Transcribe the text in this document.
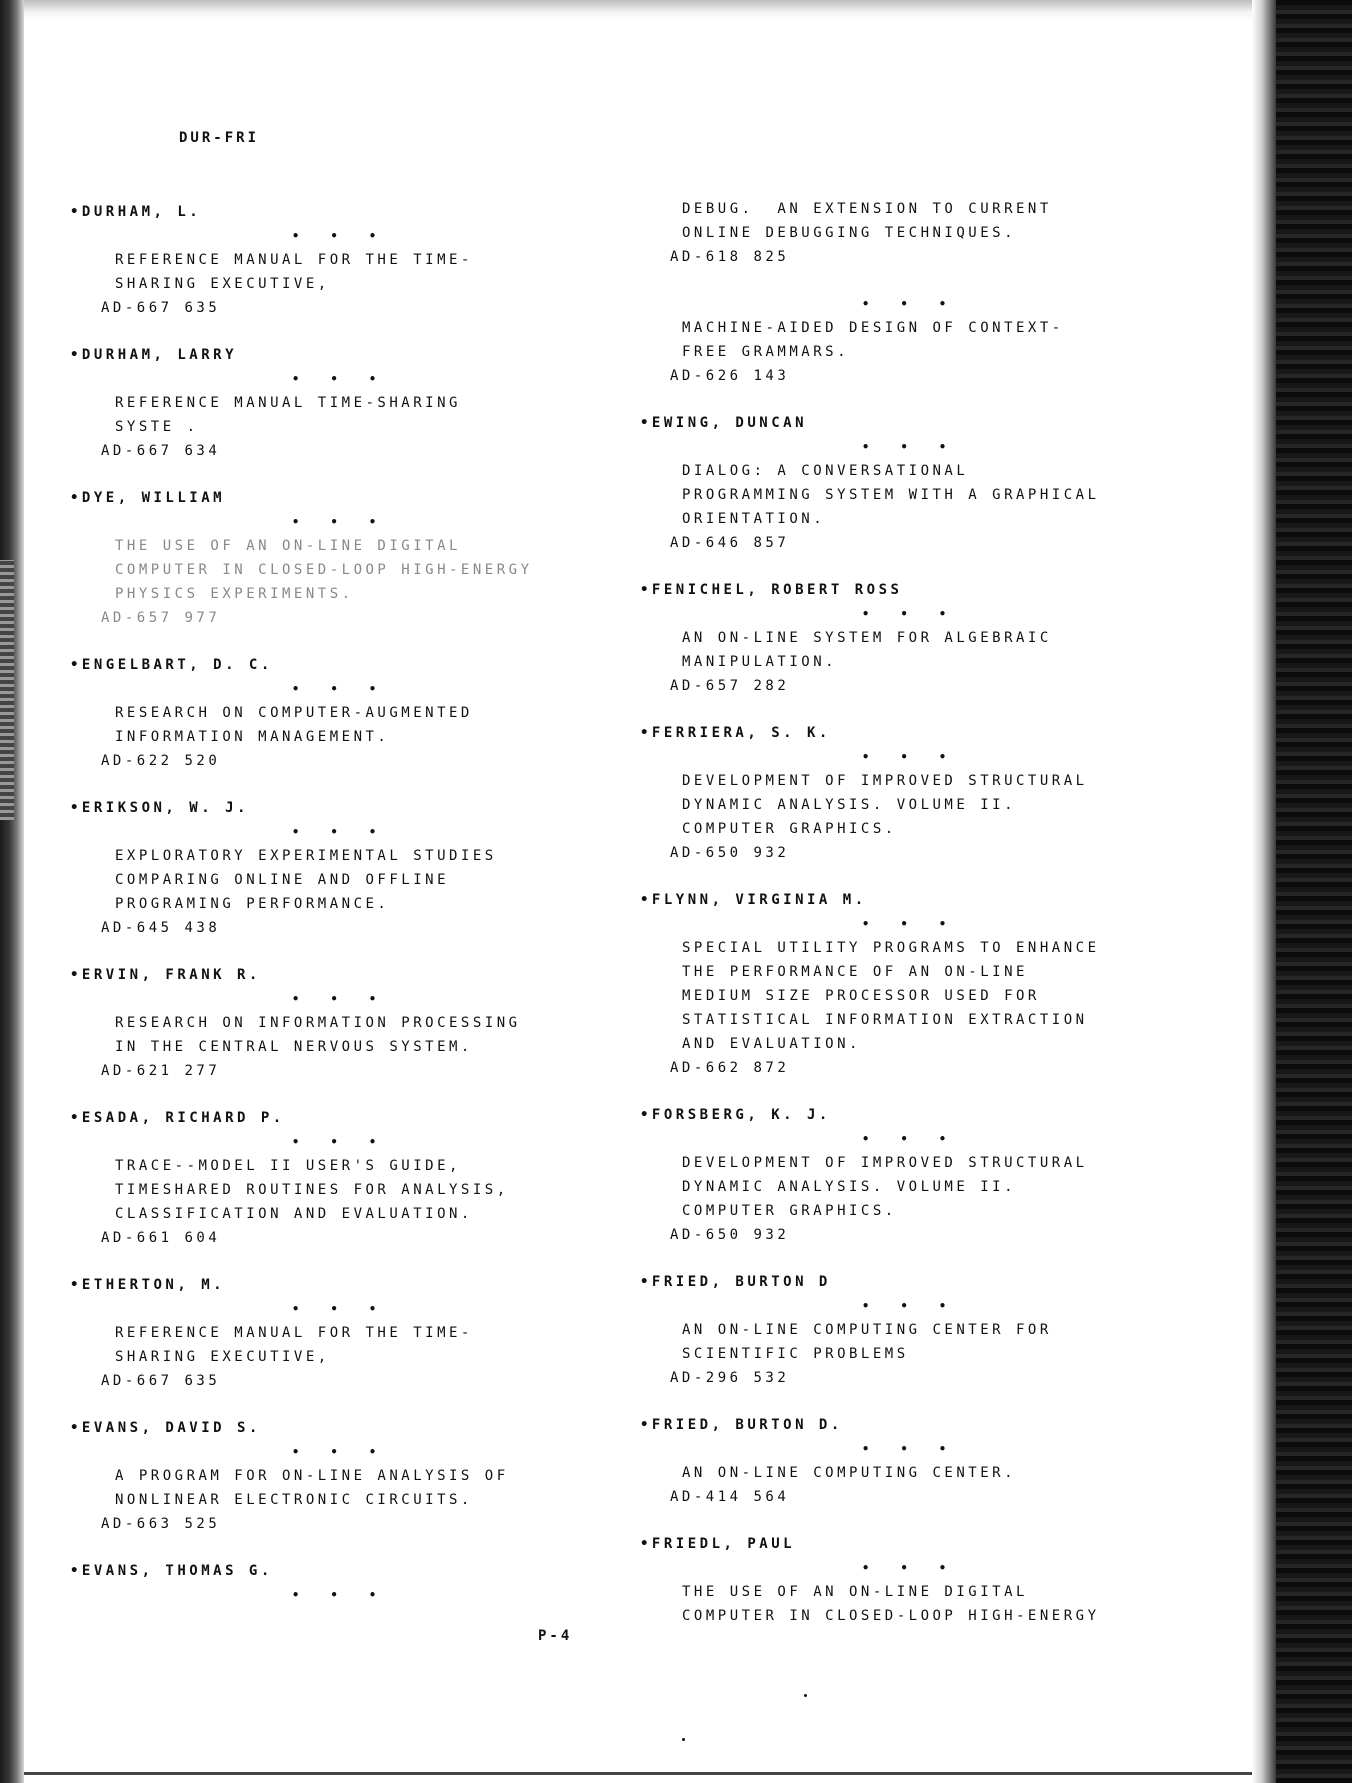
DUR-FRI
•DURHAM, L.
• • •
REFERENCE MANUAL FOR THE TIME-
SHARING EXECUTIVE,
AD-667 635
•DURHAM, LARRY
• • •
REFERENCE MANUAL TIME-SHARING
SYSTE .
AD-667 634
•DYE, WILLIAM
• • •
THE USE OF AN ON-LINE DIGITAL
COMPUTER IN CLOSED-LOOP HIGH-ENERGY
PHYSICS EXPERIMENTS.
AD-657 977
•ENGELBART, D. C.
• • •
RESEARCH ON COMPUTER-AUGMENTED
INFORMATION MANAGEMENT.
AD-622 520
•ERIKSON, W. J.
• • •
EXPLORATORY EXPERIMENTAL STUDIES
COMPARING ONLINE AND OFFLINE
PROGRAMING PERFORMANCE.
AD-645 438
•ERVIN, FRANK R.
• • •
RESEARCH ON INFORMATION PROCESSING
IN THE CENTRAL NERVOUS SYSTEM.
AD-621 277
•ESADA, RICHARD P.
• • •
TRACE--MODEL II USER'S GUIDE,
TIMESHARED ROUTINES FOR ANALYSIS,
CLASSIFICATION AND EVALUATION.
AD-661 604
•ETHERTON, M.
• • •
REFERENCE MANUAL FOR THE TIME-
SHARING EXECUTIVE,
AD-667 635
•EVANS, DAVID S.
• • •
A PROGRAM FOR ON-LINE ANALYSIS OF
NONLINEAR ELECTRONIC CIRCUITS.
AD-663 525
•EVANS, THOMAS G.
• • •
DEBUG.  AN EXTENSION TO CURRENT
ONLINE DEBUGGING TECHNIQUES.
AD-618 825
• • •
MACHINE-AIDED DESIGN OF CONTEXT-
FREE GRAMMARS.
AD-626 143
•EWING, DUNCAN
• • •
DIALOG: A CONVERSATIONAL
PROGRAMMING SYSTEM WITH A GRAPHICAL
ORIENTATION.
AD-646 857
•FENICHEL, ROBERT ROSS
• • •
AN ON-LINE SYSTEM FOR ALGEBRAIC
MANIPULATION.
AD-657 282
•FERRIERA, S. K.
• • •
DEVELOPMENT OF IMPROVED STRUCTURAL
DYNAMIC ANALYSIS. VOLUME II.
COMPUTER GRAPHICS.
AD-650 932
•FLYNN, VIRGINIA M.
• • •
SPECIAL UTILITY PROGRAMS TO ENHANCE
THE PERFORMANCE OF AN ON-LINE
MEDIUM SIZE PROCESSOR USED FOR
STATISTICAL INFORMATION EXTRACTION
AND EVALUATION.
AD-662 872
•FORSBERG, K. J.
• • •
DEVELOPMENT OF IMPROVED STRUCTURAL
DYNAMIC ANALYSIS. VOLUME II.
COMPUTER GRAPHICS.
AD-650 932
•FRIED, BURTON D
• • •
AN ON-LINE COMPUTING CENTER FOR
SCIENTIFIC PROBLEMS
AD-296 532
•FRIED, BURTON D.
• • •
AN ON-LINE COMPUTING CENTER.
AD-414 564
•FRIEDL, PAUL
• • •
THE USE OF AN ON-LINE DIGITAL
COMPUTER IN CLOSED-LOOP HIGH-ENERGY
P-4
